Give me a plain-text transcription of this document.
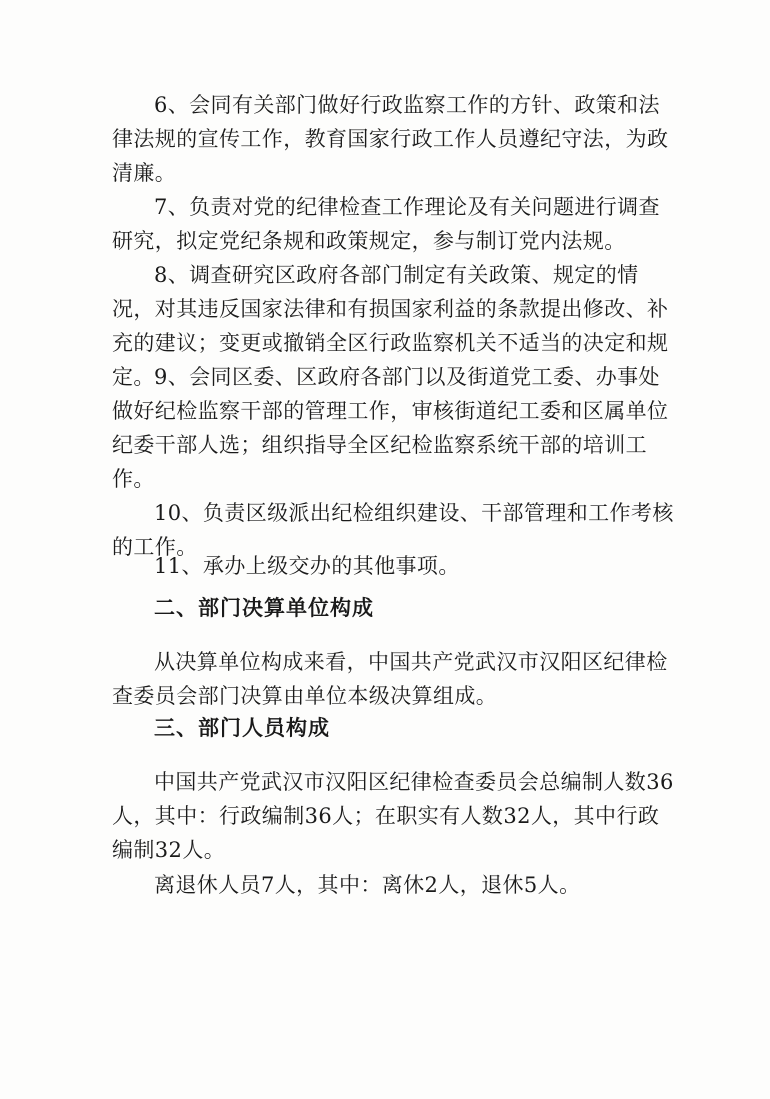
6、会同有关部门做好行政监察工作的方针、政策和法律法规的宣传工作，教育国家行政工作人员遵纪守法，为政清廉。

7、负责对党的纪律检查工作理论及有关问题进行调查研究，拟定党纪条规和政策规定，参与制订党内法规。

8、调查研究区政府各部门制定有关政策、规定的情况，对其违反国家法律和有损国家利益的条款提出修改、补充的建议；变更或撤销全区行政监察机关不适当的决定和规定。 9、会同区委、区政府各部门以及街道党工委、办事处做好纪检监察干部的管理工作，审核街道纪工委和区属单位纪委干部人选；组织指导全区纪检监察系统干部的培训工作。

10、负责区级派出纪检组织建设、干部管理和工作考核的工作。

11、承办上级交办的其他事项。

二、部门决算单位构成

从决算单位构成来看，中国共产党武汉市汉阳区纪律检查委员会部门决算由单位本级决算组成。

三、部门人员构成

中国共产党武汉市汉阳区纪律检查委员会总编制人数36人，其中：行政编制36人；在职实有人数32人，其中行政编制32人。

离退休人员7人，其中：离休2人，退休5人。
